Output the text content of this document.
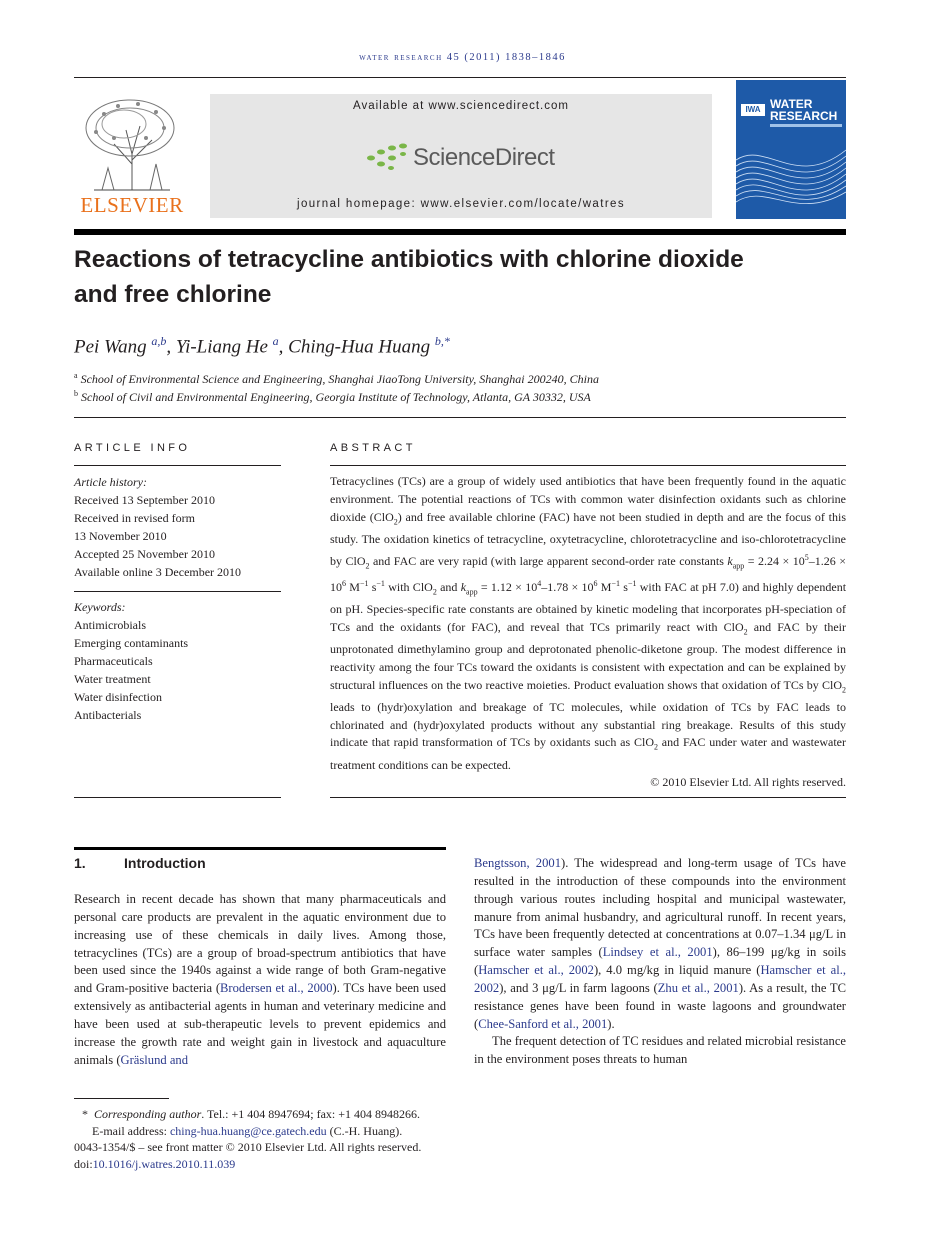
water research 45 (2011) 1838–1846
ELSEVIER
Available at www.sciencedirect.com
ScienceDirect
journal homepage: www.elsevier.com/locate/watres
IWA WATER
RESEARCH
Reactions of tetracycline antibiotics with chlorine dioxide
and free chlorine
Pei Wang $^{a,b}$, Yi-Liang He $^a$, Ching-Hua Huang $^{b,*}$
$^a$ School of Environmental Science and Engineering, Shanghai JiaoTong University, Shanghai 200240, China
$^b$ School of Civil and Environmental Engineering, Georgia Institute of Technology, Atlanta, GA 30332, USA
ARTICLE INFO
Article history:
Received 13 September 2010
Received in revised form
13 November 2010
Accepted 25 November 2010
Available online 3 December 2010
Keywords:
Antimicrobials
Emerging contaminants
Pharmaceuticals
Water treatment
Water disinfection
Antibacterials
ABSTRACT
Tetracyclines (TCs) are a group of widely used antibiotics that have been frequently found in the aquatic environment. The potential reactions of TCs with common water disinfection oxidants such as chlorine dioxide (ClO$_2$) and free available chlorine (FAC) have not been studied in depth and are the focus of this study. The oxidation kinetics of tetracycline, oxytetracycline, chlorotetracycline and iso-chlorotetracycline by ClO$_2$ and FAC are very rapid (with large apparent second-order rate constants $k_{app} = 2.24 \times 10^5-1.26 \times 10^6$ $M^{-1}$ $s^{-1}$ with ClO$_2$ and $k_{app} = 1.12 \times 10^4-1.78 \times 10^6$ $M^{-1}$ $s^{-1}$ with FAC at pH 7.0) and highly dependent on pH. Species-specific rate constants are obtained by kinetic modeling that incorporates pH-speciation of TCs and the oxidants (for FAC), and reveal that TCs primarily react with ClO$_2$ and FAC by their unprotonated dimethylamino group and deprotonated phenolic-diketone group. The modest difference in reactivity among the four TCs toward the oxidants is consistent with expectation and can be explained by structural influences on the two reactive moieties. Product evaluation shows that oxidation of TCs by ClO$_2$ leads to (hydr)oxylation and breakage of TC molecules, while oxidation of TCs by FAC leads to chlorinated and (hydr)oxylated products without any substantial ring breakage. Results of this study indicate that rapid transformation of TCs by oxidants such as ClO$_2$ and FAC under water and wastewater treatment conditions can be expected.
© 2010 Elsevier Ltd. All rights reserved.
1.	Introduction
Research in recent decade has shown that many pharmaceuticals and personal care products are prevalent in the aquatic environment due to increasing use of these chemicals in daily lives. Among those, tetracyclines (TCs) are a group of broad-spectrum antibiotics that have been used since the 1940s against a wide range of both Gram-negative and Gram-positive bacteria (Brodersen et al., 2000). TCs have been used extensively as antibacterial agents in human and veterinary medicine and have been used at sub-therapeutic levels to prevent epidemics and increase the growth rate and weight gain in livestock and aquaculture animals (Gräslund and
Bengtsson, 2001). The widespread and long-term usage of TCs have resulted in the introduction of these compounds into the environment through various routes including hospital and municipal wastewater, manure from animal husbandry, and agricultural runoff. In recent years, TCs have been frequently detected at concentrations at 0.07–1.34 μg/L in surface water samples (Lindsey et al., 2001), 86–199 μg/kg in soils (Hamscher et al., 2002), 4.0 mg/kg in liquid manure (Hamscher et al., 2002), and 3 μg/L in farm lagoons (Zhu et al., 2001). As a result, the TC resistance genes have been found in waste lagoons and groundwater (Chee-Sanford et al., 2001).
The frequent detection of TC residues and related microbial resistance in the environment poses threats to human
* Corresponding author. Tel.: +1 404 8947694; fax: +1 404 8948266.
E-mail address: ching-hua.huang@ce.gatech.edu (C.-H. Huang).
0043-1354/$ – see front matter © 2010 Elsevier Ltd. All rights reserved.
doi:10.1016/j.watres.2010.11.039
